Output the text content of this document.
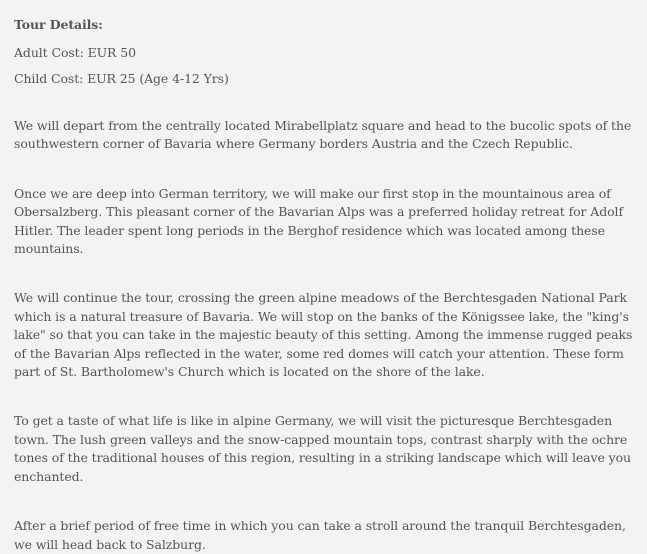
Tour Details:
Adult Cost: EUR 50
Child Cost: EUR 25 (Age 4-12 Yrs)

We will depart from the centrally located Mirabellplatz square and head to the bucolic spots of the southwestern corner of Bavaria where Germany borders Austria and the Czech Republic.

Once we are deep into German territory, we will make our first stop in the mountainous area of Obersalzberg. This pleasant corner of the Bavarian Alps was a preferred holiday retreat for Adolf Hitler. The leader spent long periods in the Berghof residence which was located among these mountains.

We will continue the tour, crossing the green alpine meadows of the Berchtesgaden National Park which is a natural treasure of Bavaria. We will stop on the banks of the Königssee lake, the "king's lake" so that you can take in the majestic beauty of this setting. Among the immense rugged peaks of the Bavarian Alps reflected in the water, some red domes will catch your attention. These form part of St. Bartholomew's Church which is located on the shore of the lake.

To get a taste of what life is like in alpine Germany, we will visit the picturesque Berchtesgaden town. The lush green valleys and the snow-capped mountain tops, contrast sharply with the ochre tones of the traditional houses of this region, resulting in a striking landscape which will leave you enchanted.

After a brief period of free time in which you can take a stroll around the tranquil Berchtesgaden, we will head back to Salzburg.
